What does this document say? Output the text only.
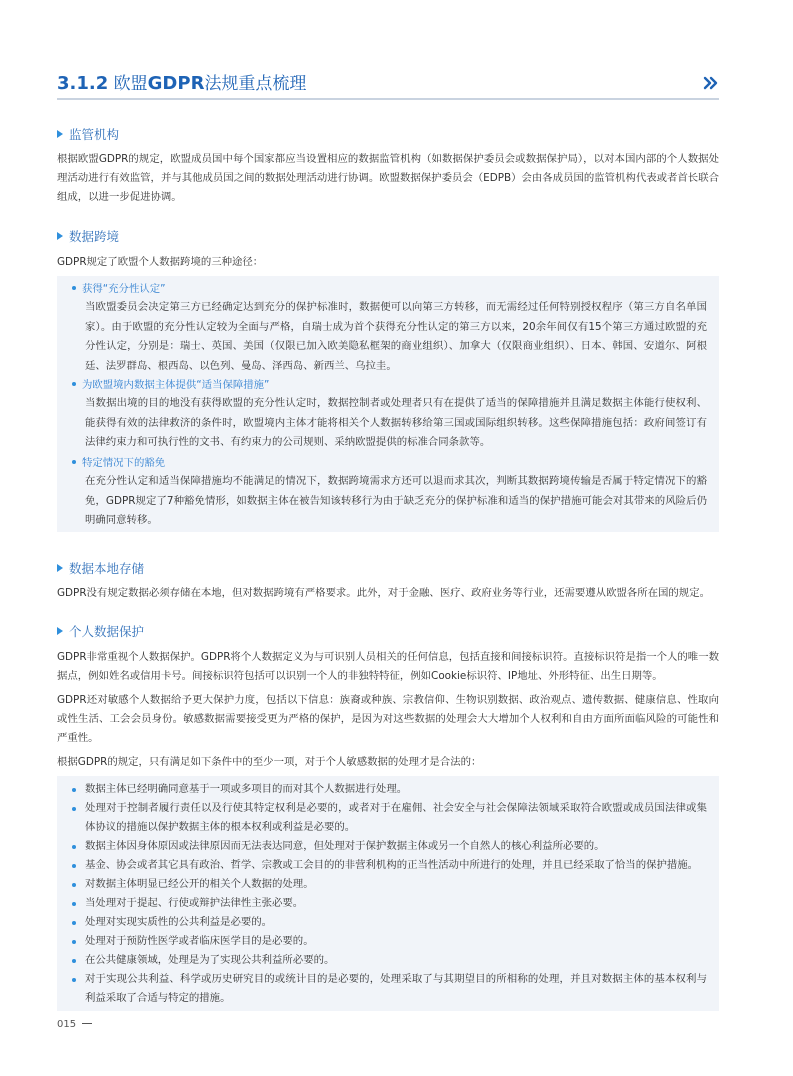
3.1.2 欧盟GDPR法规重点梳理
监管机构
根据欧盟GDPR的规定，欧盟成员国中每个国家都应当设置相应的数据监管机构（如数据保护委员会或数据保护局），以对本国内部的个人数据处理活动进行有效监管，并与其他成员国之间的数据处理活动进行协调。欧盟数据保护委员会（EDPB）会由各成员国的监管机构代表或者首长联合组成，以进一步促进协调。
数据跨境
GDPR规定了欧盟个人数据跨境的三种途径：
获得“充分性认定”
当欧盟委员会决定第三方已经确定达到充分的保护标准时，数据便可以向第三方转移，而无需经过任何特别授权程序（第三方自名单国家）。由于欧盟的充分性认定较为全面与严格，自瑞士成为首个获得充分性认定的第三方以来，20余年间仅有15个第三方通过欧盟的充分性认定，分别是：瑞士、英国、美国（仅限已加入欧美隐私框架的商业组织）、加拿大（仅限商业组织）、日本、韩国、安道尔、阿根廷、法罗群岛、根西岛、以色列、曼岛、泽西岛、新西兰、乌拉圭。
为欧盟境内数据主体提供“适当保障措施”
当数据出境的目的地没有获得欧盟的充分性认定时，数据控制者或处理者只有在提供了适当的保障措施并且满足数据主体能行使权利、能获得有效的法律救济的条件时，欧盟境内主体才能将相关个人数据转移给第三国或国际组织转移。这些保障措施包括：政府间签订有法律约束力和可执行性的文书、有约束力的公司规则、采纳欧盟提供的标准合同条款等。
特定情况下的豁免
在充分性认定和适当保障措施均不能满足的情况下，数据跨境需求方还可以退而求其次，判断其数据跨境传输是否属于特定情况下的豁免，GDPR规定了7种豁免情形，如数据主体在被告知该转移行为由于缺乏充分的保护标准和适当的保护措施可能会对其带来的风险后仍明确同意转移。
数据本地存储
GDPR没有规定数据必须存储在本地，但对数据跨境有严格要求。此外，对于金融、医疗、政府业务等行业，还需要遵从欧盟各所在国的规定。
个人数据保护
GDPR非常重视个人数据保护。GDPR将个人数据定义为与可识别人员相关的任何信息，包括直接和间接标识符。直接标识符是指一个人的唯一数据点，例如姓名或信用卡号。间接标识符包括可以识别一个人的非独特特征，例如Cookie标识符、IP地址、外形特征、出生日期等。
GDPR还对敏感个人数据给予更大保护力度，包括以下信息：族裔或种族、宗教信仰、生物识别数据、政治观点、遗传数据、健康信息、性取向或性生活、工会会员身份。敏感数据需要接受更为严格的保护，是因为对这些数据的处理会大大增加个人权利和自由方面所面临风险的可能性和严重性。
根据GDPR的规定，只有满足如下条件中的至少一项，对于个人敏感数据的处理才是合法的：
数据主体已经明确同意基于一项或多项目的而对其个人数据进行处理。
处理对于控制者履行责任以及行使其特定权利是必要的，或者对于在雇佣、社会安全与社会保障法领域采取符合欧盟或成员国法律或集体协议的措施以保护数据主体的根本权利或利益是必要的。
数据主体因身体原因或法律原因而无法表达同意，但处理对于保护数据主体或另一个自然人的核心利益所必要的。
基金、协会或者其它具有政治、哲学、宗教或工会目的的非营利机构的正当性活动中所进行的处理，并且已经采取了恰当的保护措施。
对数据主体明显已经公开的相关个人数据的处理。
当处理对于提起、行使或辩护法律性主张必要。
处理对实现实质性的公共利益是必要的。
处理对于预防性医学或者临床医学目的是必要的。
在公共健康领域，处理是为了实现公共利益所必要的。
对于实现公共利益、科学或历史研究目的或统计目的是必要的，处理采取了与其期望目的所相称的处理，并且对数据主体的基本权利与利益采取了合适与特定的措施。
015
